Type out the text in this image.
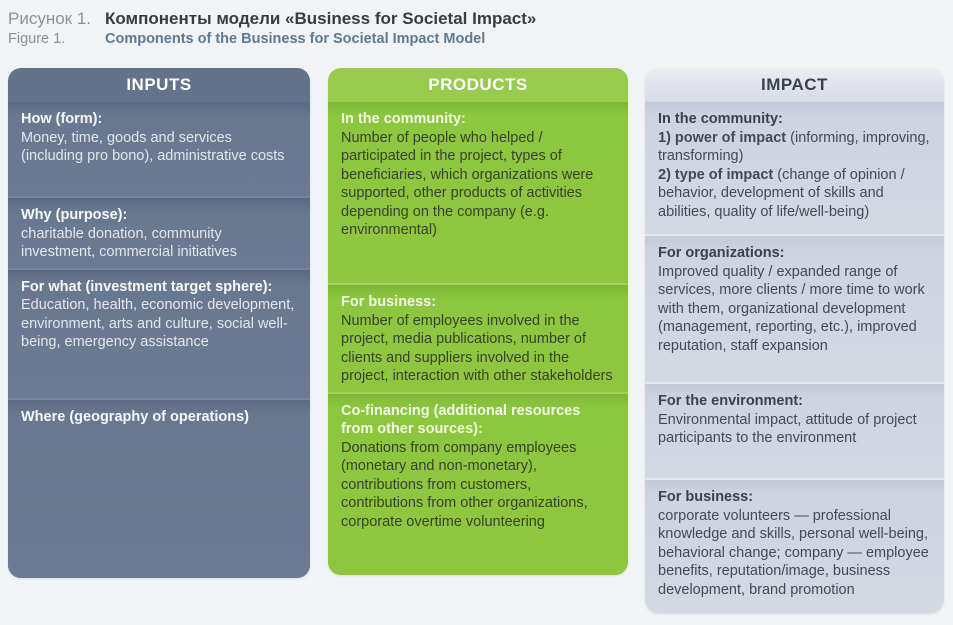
Рисунок 1. Компоненты модели «Business for Societal Impact»
Figure 1.	Components of the Business for Societal Impact Model
INPUTS
How (form):
Money, time, goods and services (including pro bono), administrative costs
Why (purpose):
charitable donation, community investment, commercial initiatives
For what (investment target sphere):
Education, health, economic development, environment, arts and culture, social well-being, emergency assistance
Where (geography of operations)
PRODUCTS
In the community:
Number of people who helped / participated in the project, types of beneficiaries, which organizations were supported, other products of activities depending on the company (e.g. environmental)
For business:
Number of employees involved in the project, media publications, number of clients and suppliers involved in the project, interaction with other stakeholders
Co-financing (additional resources from other sources):
Donations from company employees (monetary and non-monetary), contributions from customers, contributions from other organizations, corporate overtime volunteering
IMPACT
In the community:
1) power of impact (informing, improving, transforming)
2) type of impact (change of opinion / behavior, development of skills and abilities, quality of life/well-being)
For organizations:
Improved quality / expanded range of services, more clients / more time to work with them, organizational development (management, reporting, etc.), improved reputation, staff expansion
For the environment:
Environmental impact, attitude of project participants to the environment
For business:
corporate volunteers — professional knowledge and skills, personal well-being, behavioral change; company — employee benefits, reputation/image, business development, brand promotion
